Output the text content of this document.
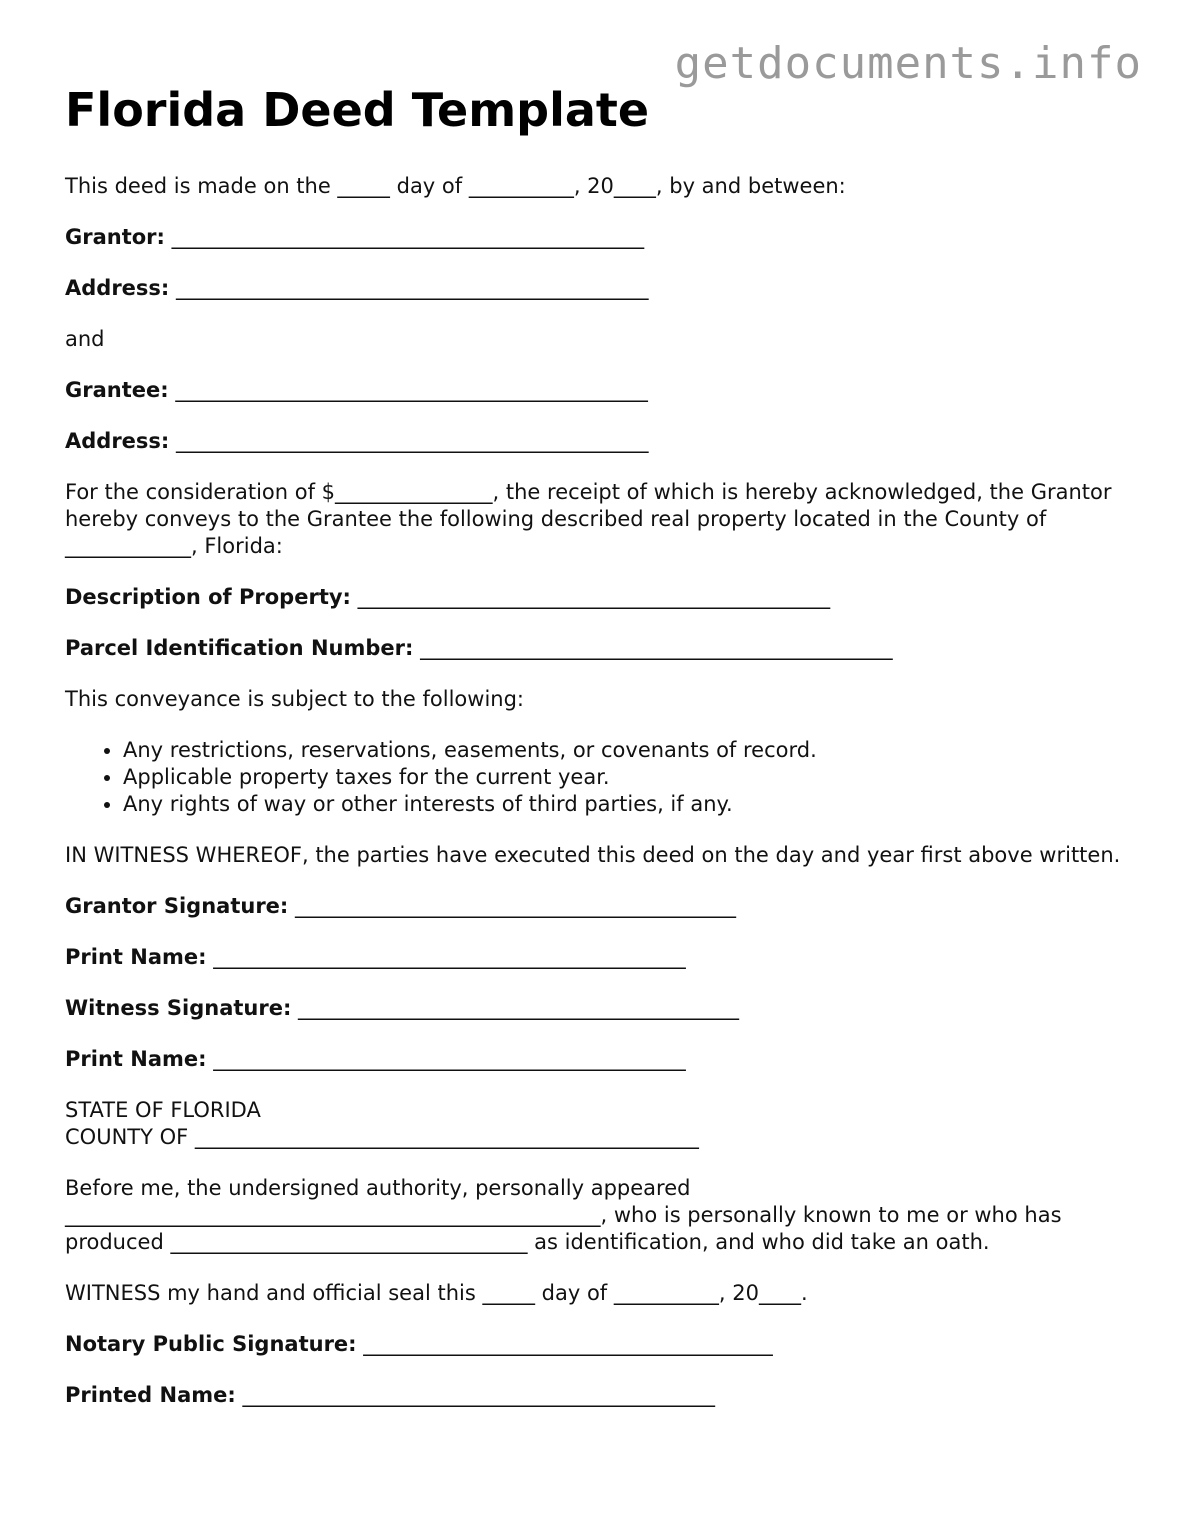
getdocuments.info
Florida Deed Template

This deed is made on the _____ day of __________, 20____, by and between:

Grantor: _____________________________________________

Address: _____________________________________________

and

Grantee: _____________________________________________

Address: _____________________________________________

For the consideration of $_______________, the receipt of which is hereby acknowledged, the Grantor hereby conveys to the Grantee the following described real property located in the County of ____________, Florida:

Description of Property: _____________________________________________

Parcel Identification Number: _____________________________________________

This conveyance is subject to the following:

• Any restrictions, reservations, easements, or covenants of record.
• Applicable property taxes for the current year.
• Any rights of way or other interests of third parties, if any.

IN WITNESS WHEREOF, the parties have executed this deed on the day and year first above written.

Grantor Signature: __________________________________________

Print Name: _____________________________________________

Witness Signature: __________________________________________

Print Name: _____________________________________________

STATE OF FLORIDA
COUNTY OF ________________________________________________

Before me, the undersigned authority, personally appeared ___________________________________________________, who is personally known to me or who has produced __________________________________ as identification, and who did take an oath.

WITNESS my hand and official seal this _____ day of __________, 20____.

Notary Public Signature: _______________________________________

Printed Name: _____________________________________________
